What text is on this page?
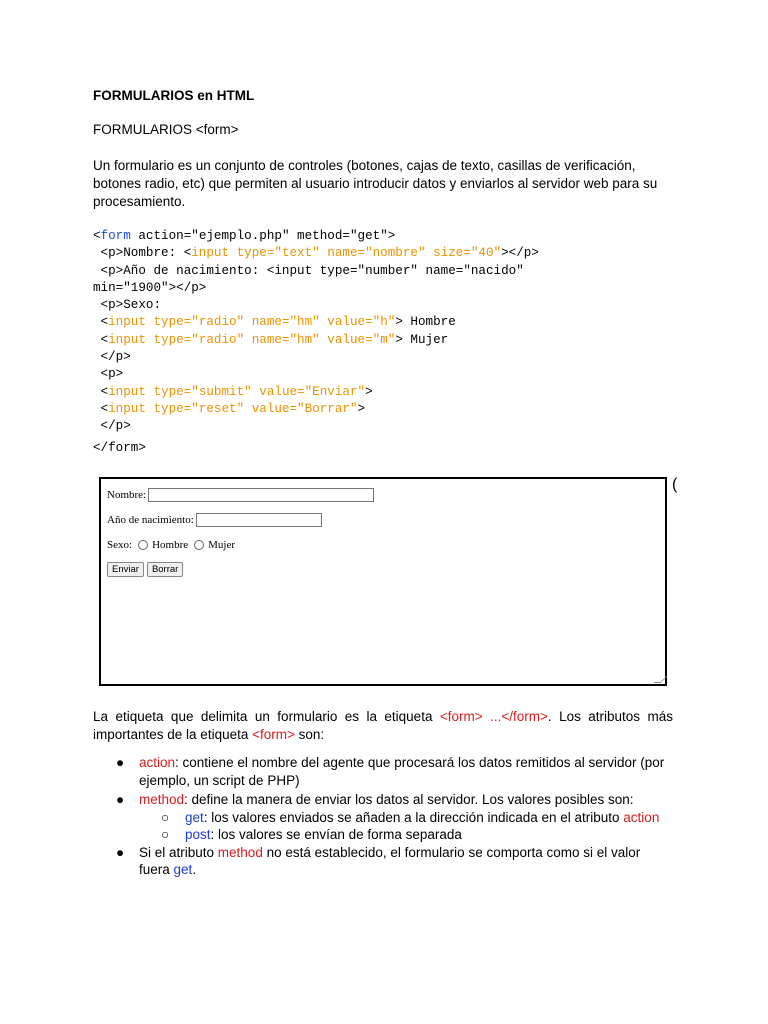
FORMULARIOS en HTML
FORMULARIOS <form>
Un formulario es un conjunto de controles (botones, cajas de texto, casillas de verificación, botones radio, etc) que permiten al usuario introducir datos y enviarlos al servidor web para su procesamiento.
<form action="ejemplo.php" method="get">
<p>Nombre: <input type="text" name="nombre" size="40"></p>
<p>Año de nacimiento: <input type="number" name="nacido"
min="1900"></p>
<p>Sexo:
<input type="radio" name="hm" value="h"> Hombre
<input type="radio" name="hm" value="m"> Mujer
</p>
<p>
<input type="submit" value="Enviar">
<input type="reset" value="Borrar">
</p>
</form>
Nombre:
Año de nacimiento:
Sexo: Hombre Mujer
Enviar	Borrar
(
La etiqueta que delimita un formulario es la etiqueta <form> ...</form>. Los atributos más importantes de la etiqueta <form> son:
● action: contiene el nombre del agente que procesará los datos remitidos al servidor (por ejemplo, un script de PHP)
● method: define la manera de enviar los datos al servidor. Los valores posibles son:
○ get: los valores enviados se añaden a la dirección indicada en el atributo action
○ post: los valores se envían de forma separada
● Si el atributo method no está establecido, el formulario se comporta como si el valor fuera get.
